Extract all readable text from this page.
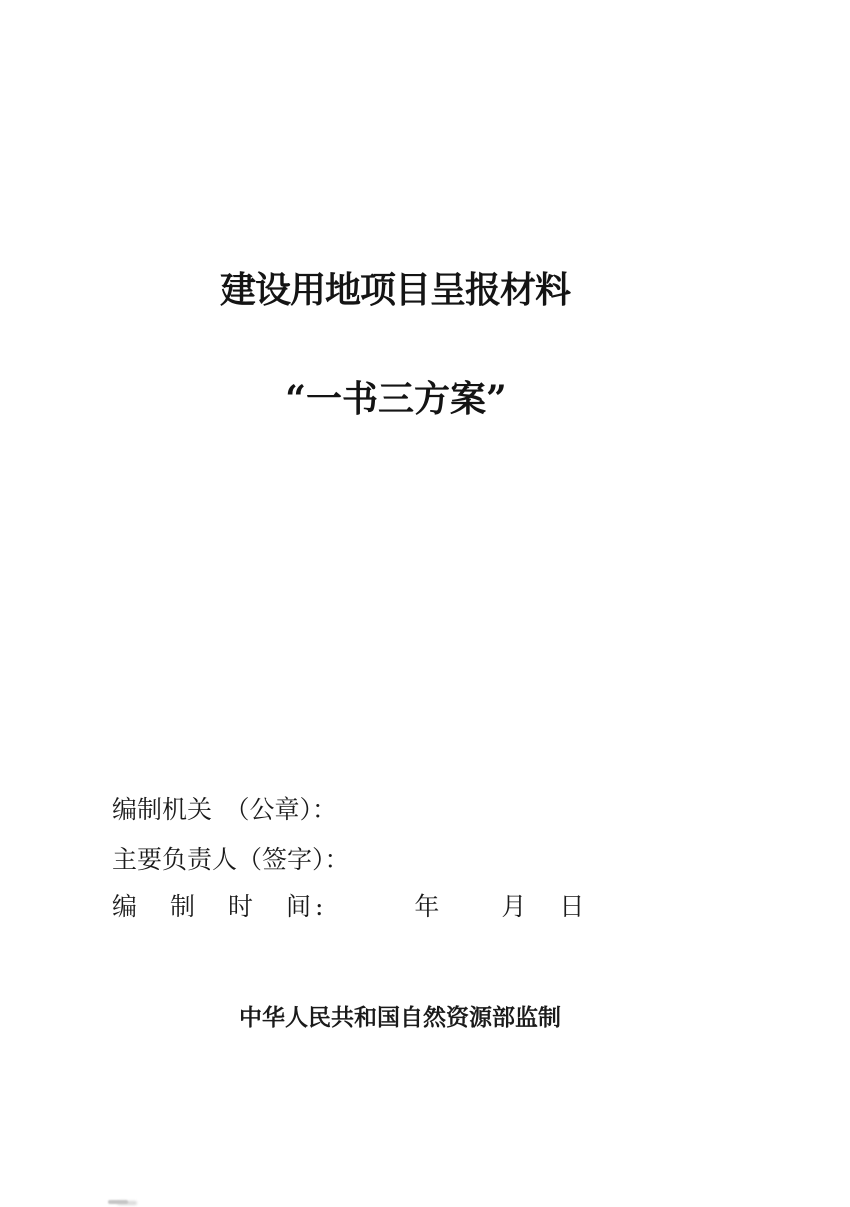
建设用地项目呈报材料
“一书三方案”
编制机关　（公章）：
主要负责人（签字）：
编　制　时　间:　　　年　　月　日
中华人民共和国自然资源部监制
